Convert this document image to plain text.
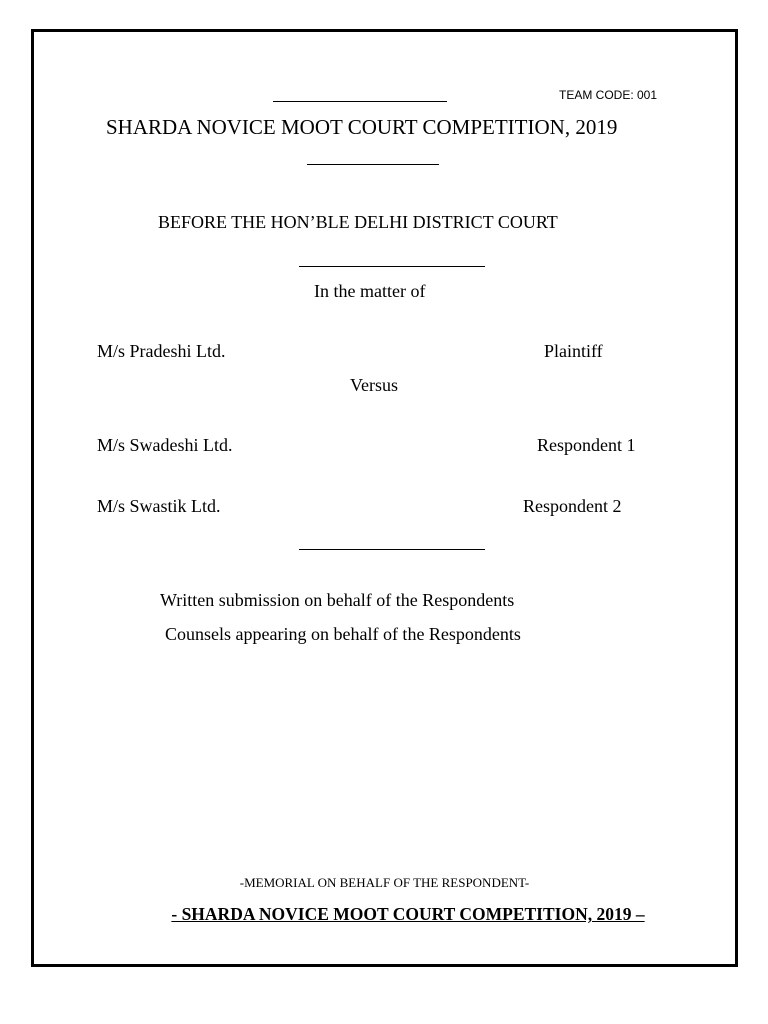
TEAM CODE: 001
SHARDA NOVICE MOOT COURT COMPETITION, 2019
BEFORE THE HON’BLE DELHI DISTRICT COURT
In the matter of
M/s Pradeshi Ltd.	Plaintiff
Versus
M/s Swadeshi Ltd.	Respondent 1
M/s Swastik Ltd.	Respondent 2
Written submission on behalf of the Respondents
Counsels appearing on behalf of the Respondents
-MEMORIAL ON BEHALF OF THE RESPONDENT-
- SHARDA NOVICE MOOT COURT COMPETITION, 2019 –
